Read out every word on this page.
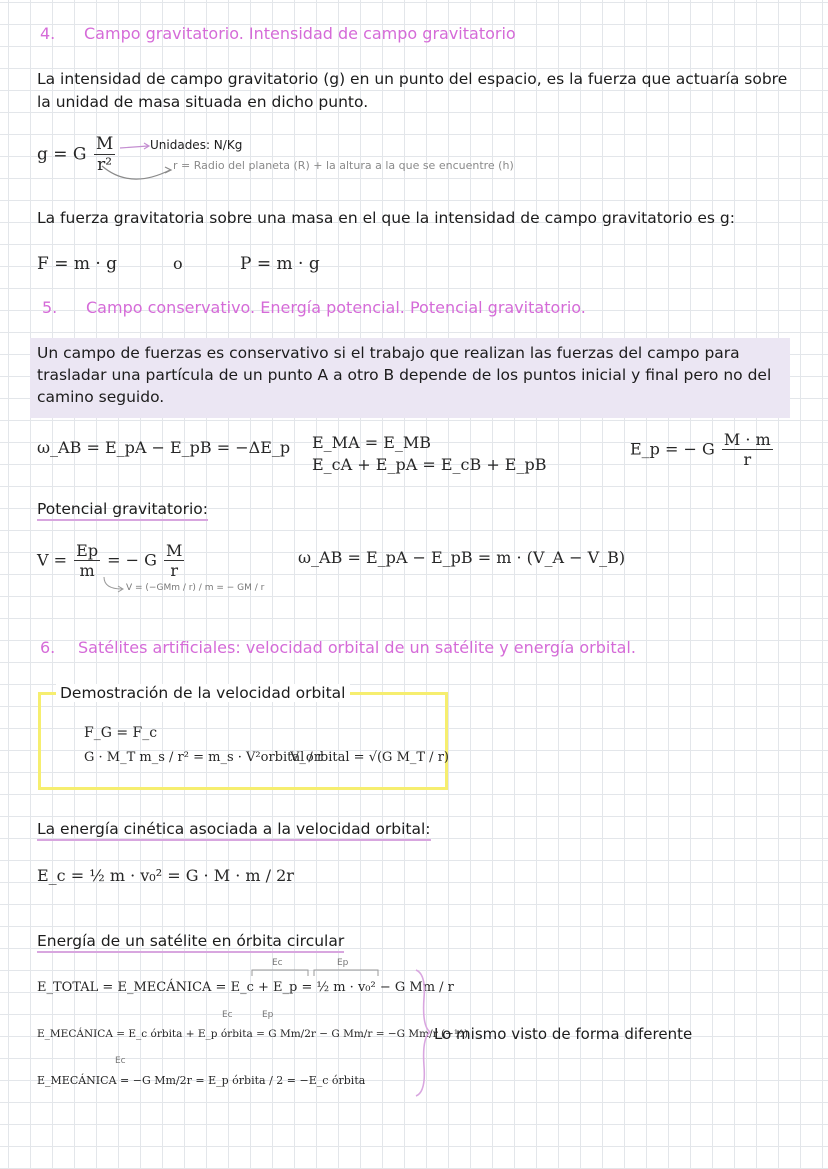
4. Campo gravitatorio. Intensidad de campo gravitatorio
La intensidad de campo gravitatorio (g) en un punto del espacio, es la fuerza que actuaría sobre
la unidad de masa situada en dicho punto.
g = G $\frac{M}{\text{r²}}$	Unidades: N/Kg
r = Radio del planeta (R) + la altura a la que se encuentre (h)
La fuerza gravitatoria sobre una masa en el que la intensidad de campo gravitatorio es g:
F = m · g	o	P = m · g
5. Campo conservativo. Energía potencial. Potencial gravitatorio.
Un campo de fuerzas es conservativo si el trabajo que realizan las fuerzas del campo para trasladar una partícula de un punto A a otro B depende de los puntos inicial y final pero no del camino seguido.
ω_AB = E_pA − E_pB = −ΔE_p E_MA = E_MB
E_cA + E_pA = E_cB + E_pB
E_p = − G $\frac{M \cdot m}{r}$
Potencial gravitatorio:
$V = \frac{Ep}{m}$ = − G $\frac{M}{r}$
V = (−GMm / r) / m = − GM / r
ω_AB = E_pA − E_pB = m · (V_A − V_B)
6. Satélites artificiales: velocidad orbital de un satélite y energía orbital.
Demostración de la velocidad orbital
F_G = F_c
G · M_T m_s / r² = m_s · V²orbital / r
V_orbital = √(G M_T / r)
La energía cinética asociada a la velocidad orbital:
E_c = ½ m · v₀² = G · M · m / 2r
Energía de un satélite en órbita circular
Ec	Ep
E_TOTAL = E_MECÁNICA = E_c + E_p = ½ m · v₀² − G Mm / r
Ec	Ep
E_MECÁNICA = E_c órbita + E_p órbita = G Mm/2r − G Mm/r = −G Mm/r (−½)
Ec
E_MECÁNICA = −G Mm/2r = E_p órbita / 2 = −E_c órbita
Lo mismo visto de forma diferente
